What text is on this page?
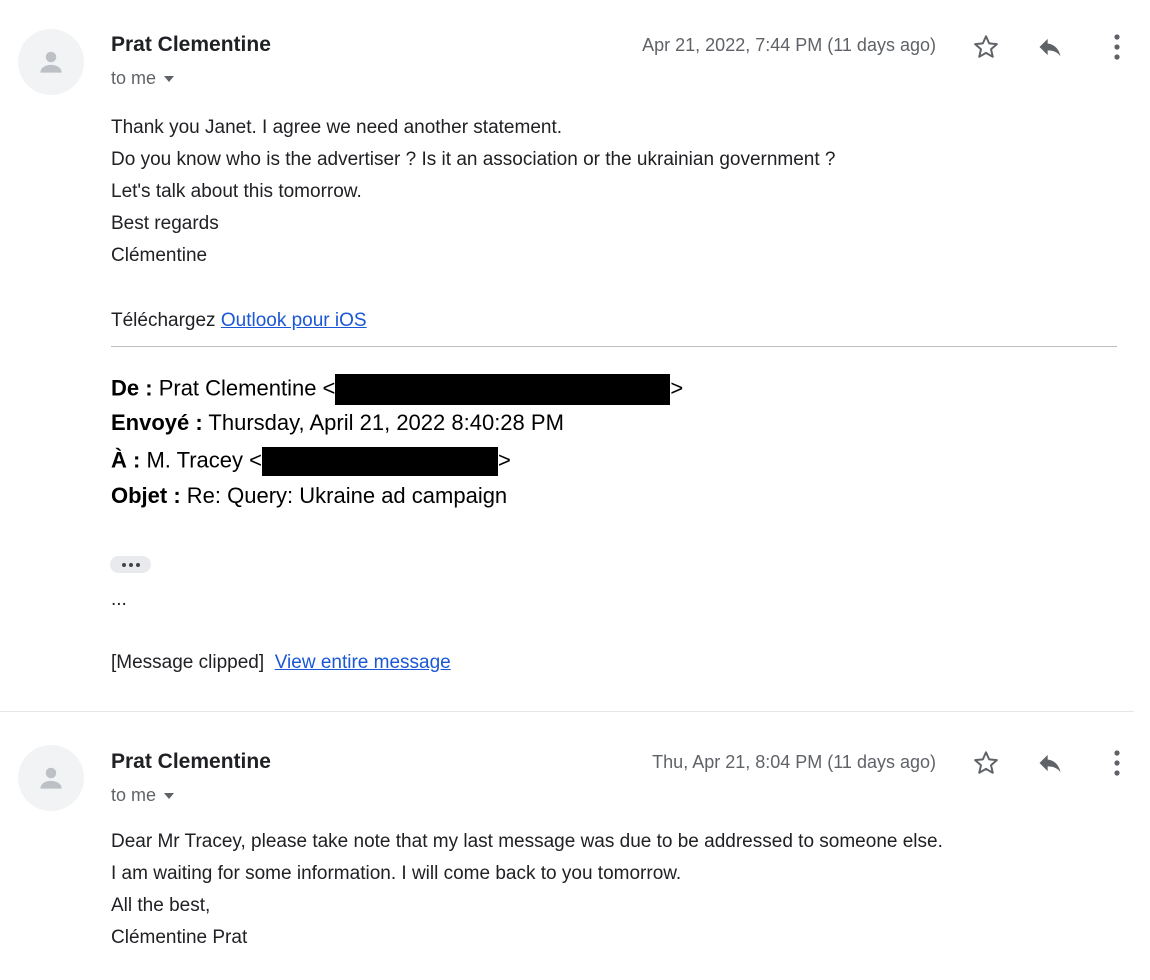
Prat Clementine
to me
Apr 21, 2022, 7:44 PM (11 days ago)
Thank you Janet. I agree we need another statement.
Do you know who is the advertiser ? Is it an association or the ukrainian government ?
Let's talk about this tomorrow.
Best regards
Clémentine
Téléchargez Outlook pour iOS
De : Prat Clementine <	>
Envoyé : Thursday, April 21, 2022 8:40:28 PM
À : M. Tracey <	>
Objet : Re: Query: Ukraine ad campaign
...
[Message clipped] View entire message
Prat Clementine
to me
Thu, Apr 21, 8:04 PM (11 days ago)
Dear Mr Tracey, please take note that my last message was due to be addressed to someone else.
I am waiting for some information. I will come back to you tomorrow.
All the best,
Clémentine Prat
